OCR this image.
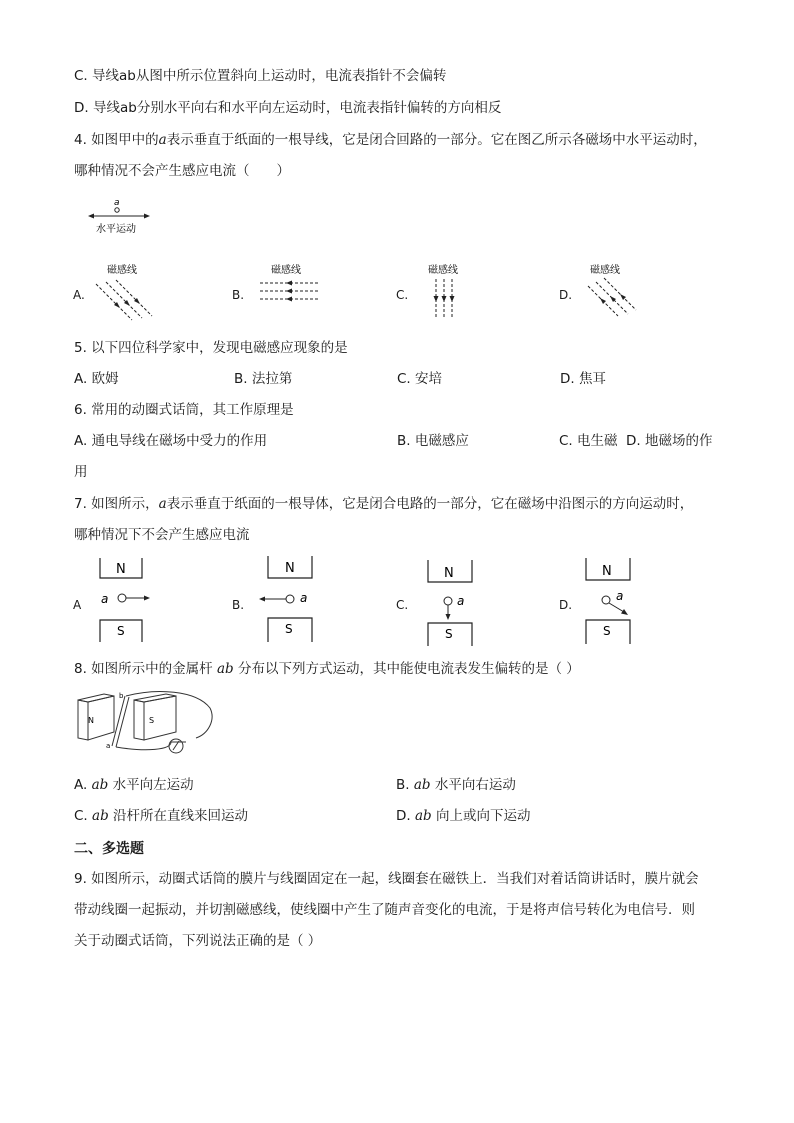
C. 导线ab从图中所示位置斜向上运动时，电流表指针不会偏转
D. 导线ab分别水平向右和水平向左运动时，电流表指针偏转的方向相反
4. 如图甲中的a表示垂直于纸面的一根导线，它是闭合回路的一部分。它在图乙所示各磁场中水平运动时，
哪种情况不会产生感应电流（　　）
a
水平运动
A.
磁感线
B.
磁感线
C.
磁感线
D.
磁感线
5. 以下四位科学家中，发现电磁感应现象的是
A. 欧姆	B. 法拉第	C. 安培	D. 焦耳
6. 常用的动圈式话筒，其工作原理是
A. 通电导线在磁场中受力的作用	B. 电磁感应	C. 电生磁 D. 地磁场的作
用
7. 如图所示，a表示垂直于纸面的一根导体，它是闭合电路的一部分，它在磁场中沿图示的方向运动时，
哪种情况下不会产生感应电流
A
N
a
S
B.
N
a
S
C.
N
a
S
D.
N
a
S
8. 如图所示中的金属杆 ab 分布以下列方式运动，其中能使电流表发生偏转的是（ ）
N
b
a
S
A. ab 水平向左运动	B. ab 水平向右运动
C. ab 沿杆所在直线来回运动	D. ab 向上或向下运动
二、多选题
9. 如图所示，动圈式话筒的膜片与线圈固定在一起，线圈套在磁铁上．当我们对着话筒讲话时，膜片就会
带动线圈一起振动，并切割磁感线，使线圈中产生了随声音变化的电流，于是将声信号转化为电信号．则
关于动圈式话筒，下列说法正确的是（ ）
